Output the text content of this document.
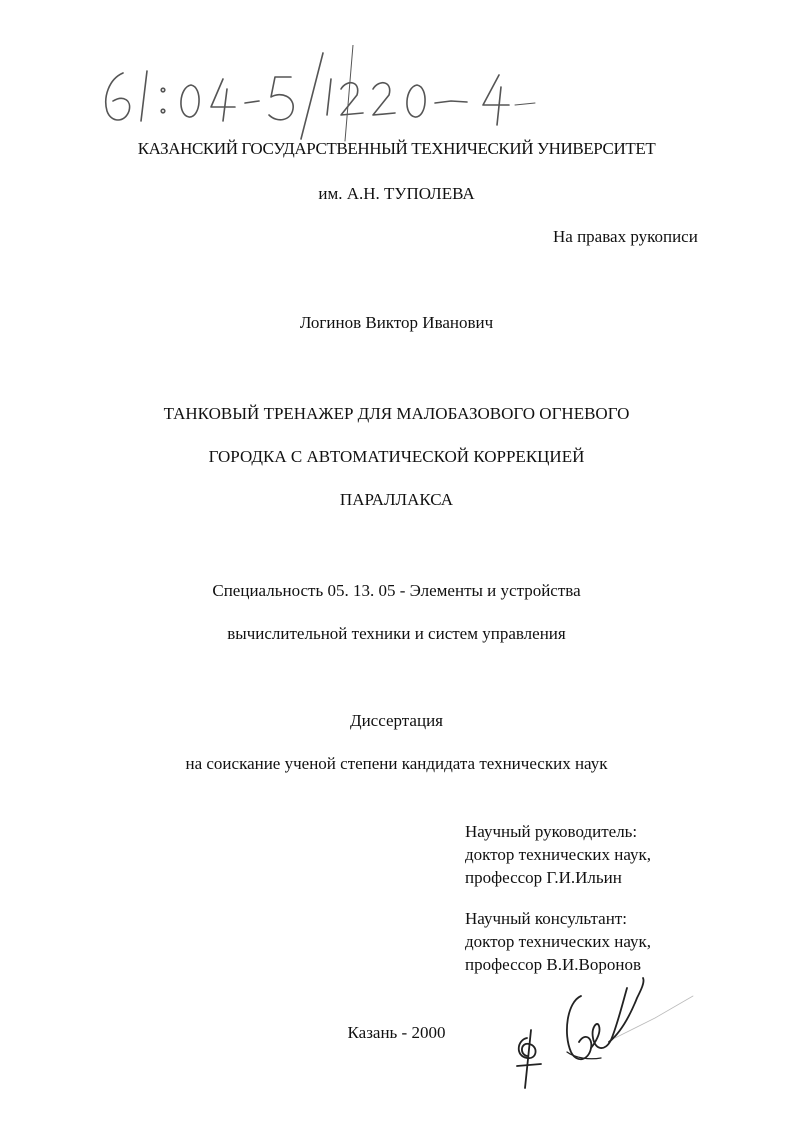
КАЗАНСКИЙ ГОСУДАРСТВЕННЫЙ ТЕХНИЧЕСКИЙ УНИВЕРСИТЕТ
им. А.Н. ТУПОЛЕВА
На правах рукописи
Логинов Виктор Иванович
ТАНКОВЫЙ ТРЕНАЖЕР ДЛЯ МАЛОБАЗОВОГО ОГНЕВОГО
ГОРОДКА С АВТОМАТИЧЕСКОЙ КОРРЕКЦИЕЙ
ПАРАЛЛАКСА
Специальность 05. 13. 05 - Элементы и устройства
вычислительной техники и систем управления
Диссертация
на соискание ученой степени кандидата технических наук
Научный руководитель:
доктор технических наук,
профессор Г.И.Ильин
Научный консультант:
доктор технических наук,
профессор В.И.Воронов
Казань - 2000
